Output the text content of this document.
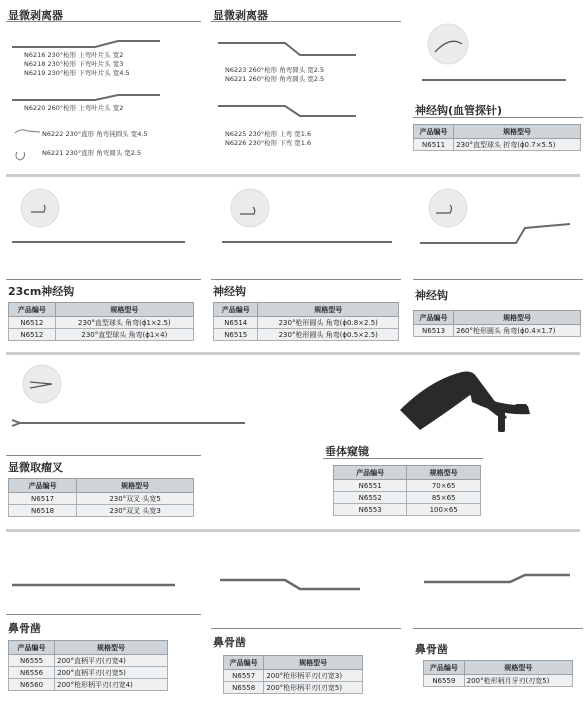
显微剥离器	显微剥离器
N6216 230°枪形 上弯叶片头 宽2
N6218 230°枪形 下弯叶片头 宽3
N6219 230°枪形 下弯叶片头 宽4.5
N6220 260°枪形 上弯叶片头 宽2
N6222 230°直形 角弯钝圆头 宽4.5
N6221 230°直形 角弯圆头 宽2.5
N6223 260°枪形 角弯圆头 宽2.5
N6221 260°枪形 角弯圆头 宽2.5
N6225 230°枪形 上弯 宽1.6
N6226 230°枪形 下弯 宽1.6
神经钩(血管探针)
产品编号	规格型号
N6511	230°直型球头 折弯(ϕ0.7×5.5)
23cm神经钩
产品编号	规格型号
N6512	230°直型球头 角弯(ϕ1×2.5)
N6512	230°直型球头 角弯(ϕ1×4)
神经钩
产品编号	规格型号
N6514	230°枪形圆头 角弯(ϕ0.8×2.5)
N6515	230°枪形圆头 角弯(ϕ0.5×2.5)
神经钩
产品编号	规格型号
N6513	260°枪形圆头 角弯(ϕ0.4×1.7)
显微取瘤叉
产品编号	规格型号
N6517	230°双叉 头宽5
N6518	230°双叉 头宽3
垂体窥镜
产品编号	规格型号
N6551	70×65
N6552	85×65
N6553	100×65
鼻骨凿
产品编号	规格型号
N6555	200°直柄平刃(刃宽4)
N6556	200°直柄平刃(刃宽5)
N6560	200°枪形柄平刃(刃宽4)
鼻骨凿
产品编号	规格型号
N6557	200°枪形柄平刃(刃宽3)
N6558	200°枪形柄平刃(刃宽5)
鼻骨凿
产品编号	规格型号
N6559	200°枪形柄月牙刃(刃宽5)
